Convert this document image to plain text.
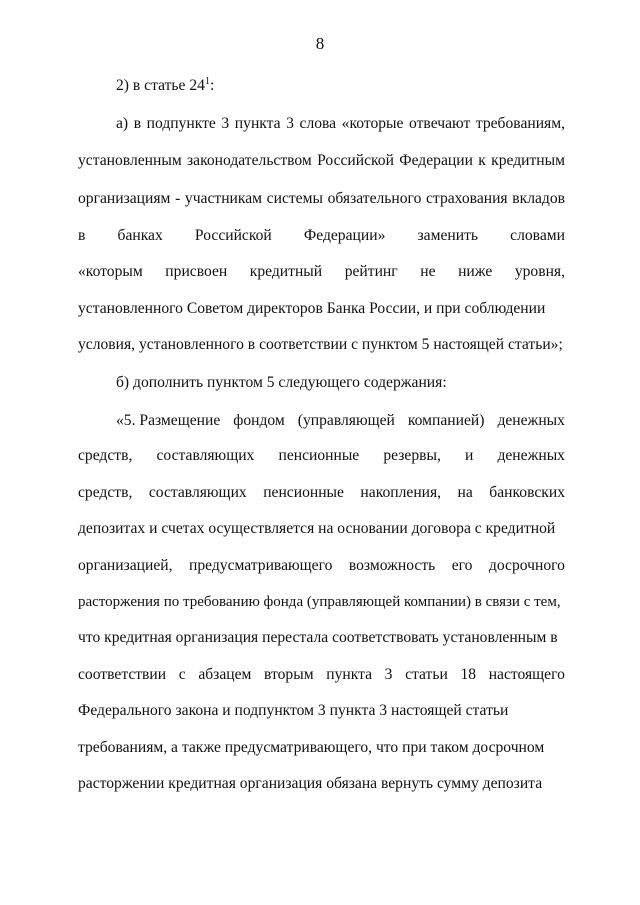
8
2) в статье $24^1$:
а) в подпункте 3 пункта 3 слова «которые отвечают требованиям,
установленным законодательством Российской Федерации к кредитным
организациям - участникам системы обязательного страхования вкладов
в банках Российской Федерации» заменить словами
«которым присвоен кредитный рейтинг не ниже уровня,
установленного Советом директоров Банка России, и при соблюдении
условия, установленного в соответствии с пунктом 5 настоящей статьи»;
б) дополнить пунктом 5 следующего содержания:
«5. Размещение фондом (управляющей компанией) денежных
средств, составляющих пенсионные резервы, и денежных
средств, составляющих пенсионные накопления, на банковских
депозитах и счетах осуществляется на основании договора с кредитной
организацией, предусматривающего возможность его досрочного
расторжения по требованию фонда (управляющей компании) в связи с тем,
что кредитная организация перестала соответствовать установленным в
соответствии с абзацем вторым пункта 3 статьи 18 настоящего
Федерального закона и подпунктом 3 пункта 3 настоящей статьи
требованиям, а также предусматривающего, что при таком досрочном
расторжении кредитная организация обязана вернуть сумму депозита
